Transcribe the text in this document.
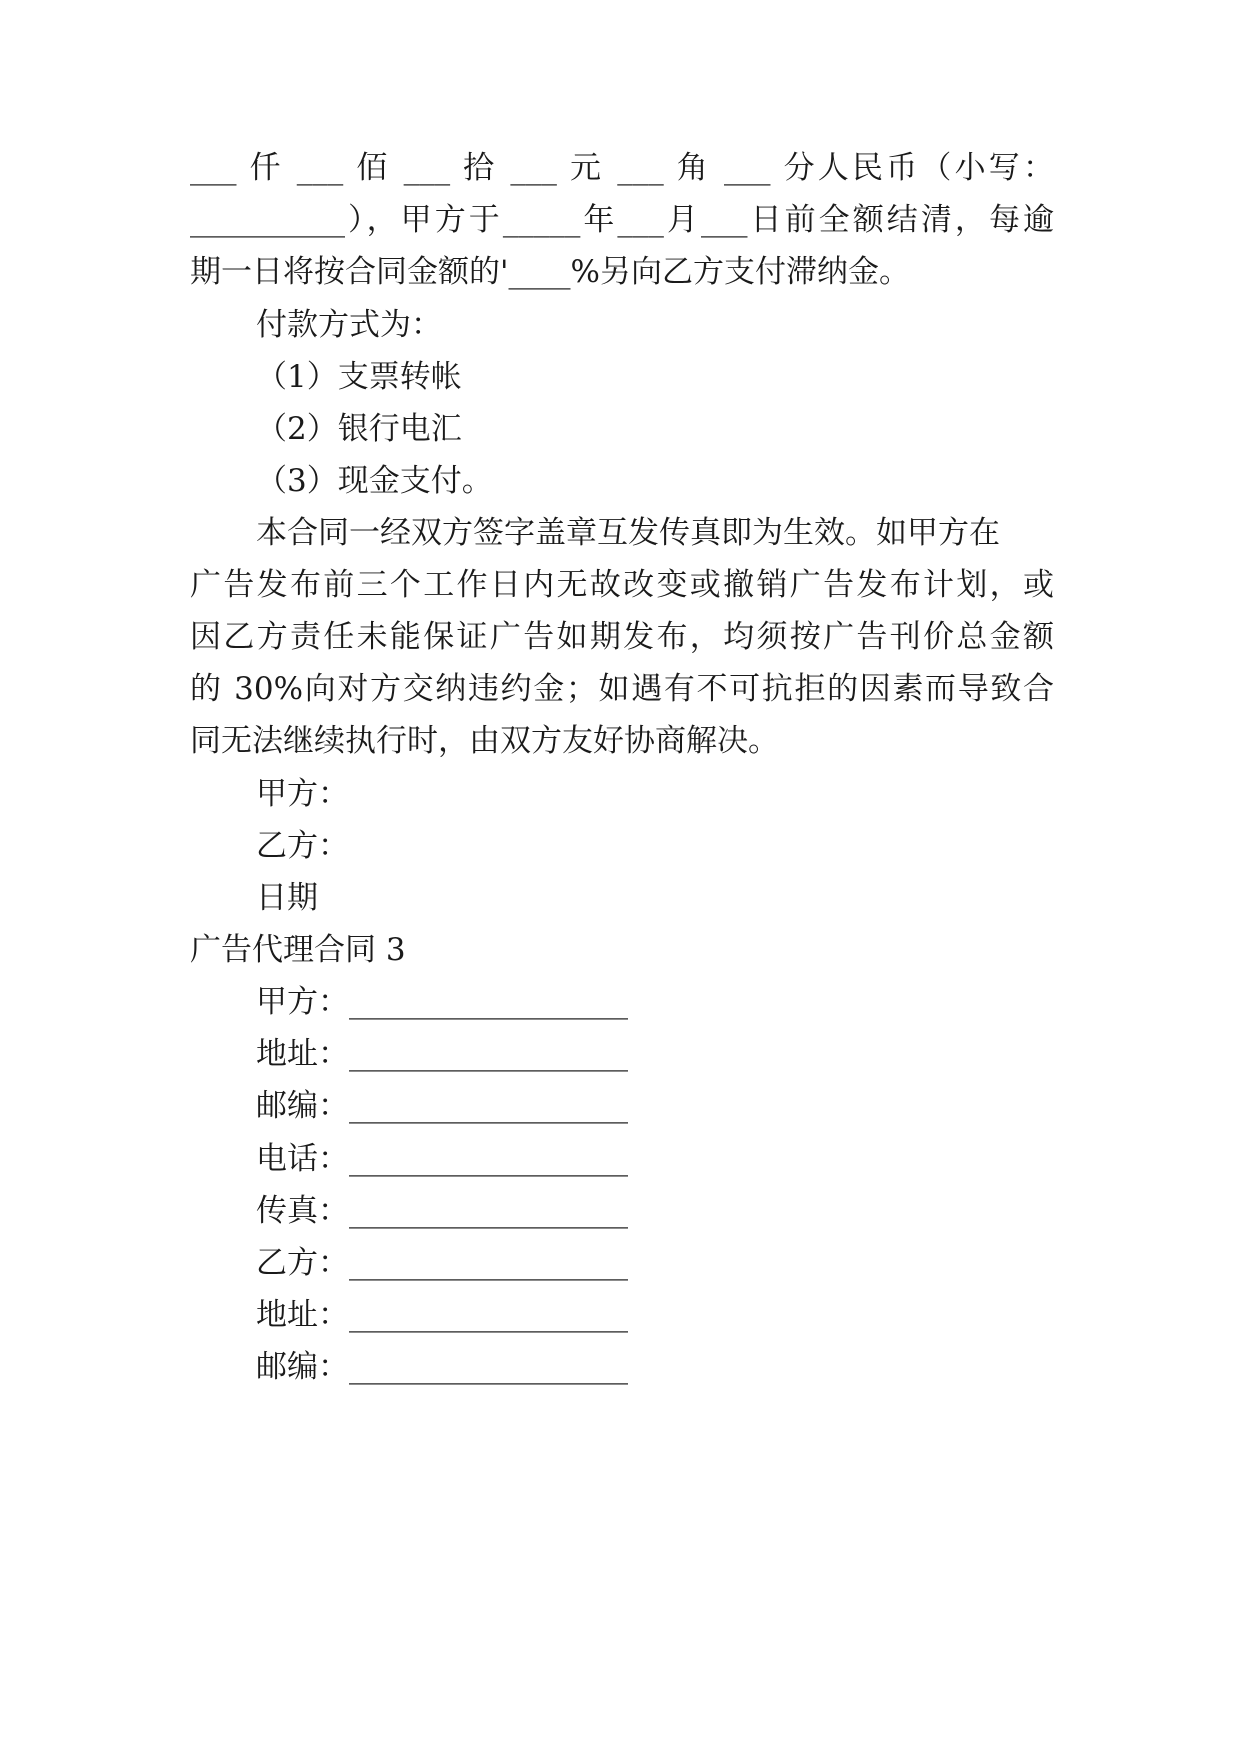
___ 仟 ___ 佰 ___ 拾 ___ 元 ___ 角 ___ 分人民币（小写：
__________），甲方于_____年___月___日前全额结清，每逾
期一日将按合同金额的'____%另向乙方支付滞纳金。
付款方式为：
（1）支票转帐
（2）银行电汇
（3）现金支付。
本合同一经双方签字盖章互发传真即为生效。如甲方在
广告发布前三个工作日内无故改变或撤销广告发布计划，或
因乙方责任未能保证广告如期发布，均须按广告刊价总金额
的 30%向对方交纳违约金；如遇有不可抗拒的因素而导致合
同无法继续执行时，由双方友好协商解决。
甲方：
乙方：
日期
广告代理合同 3
甲方：__________________
地址：__________________
邮编：__________________
电话：__________________
传真：__________________
乙方：__________________
地址：__________________
邮编：__________________
